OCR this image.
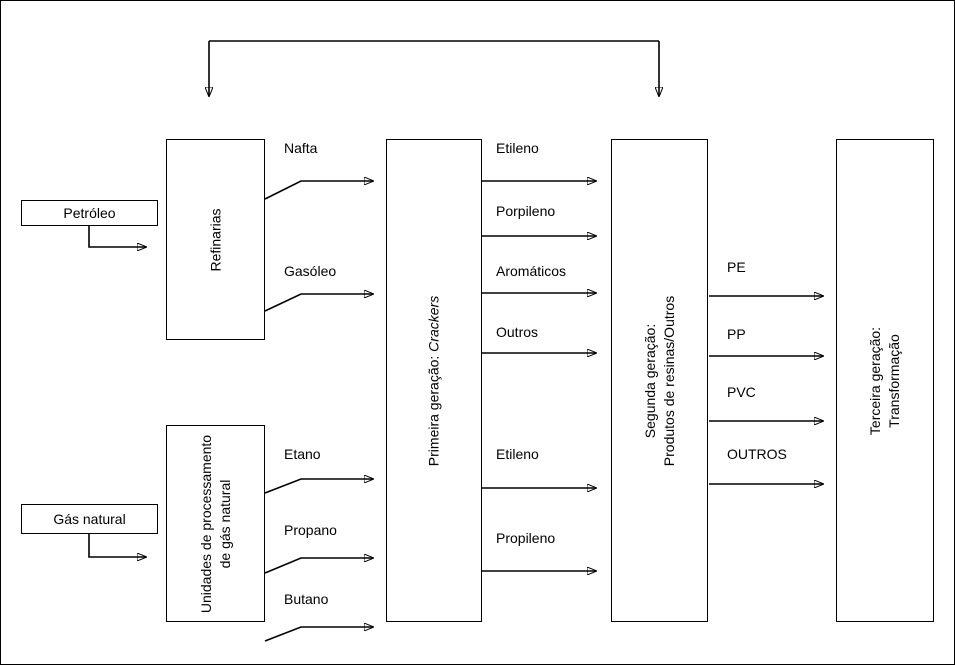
Petróleo
Gás natural
Refinarias
Unidades de processamento de gás natural
Primeira geração: Crackers	Segunda geração: Produtos de resinas/Outros	Terceira geração: Transformação
Nafta
Gasóleo
Etano
Propano
Butano
Etileno
Porpileno
Aromáticos
Outros
Etileno
Propileno
PE
PP
PVC
OUTROS
